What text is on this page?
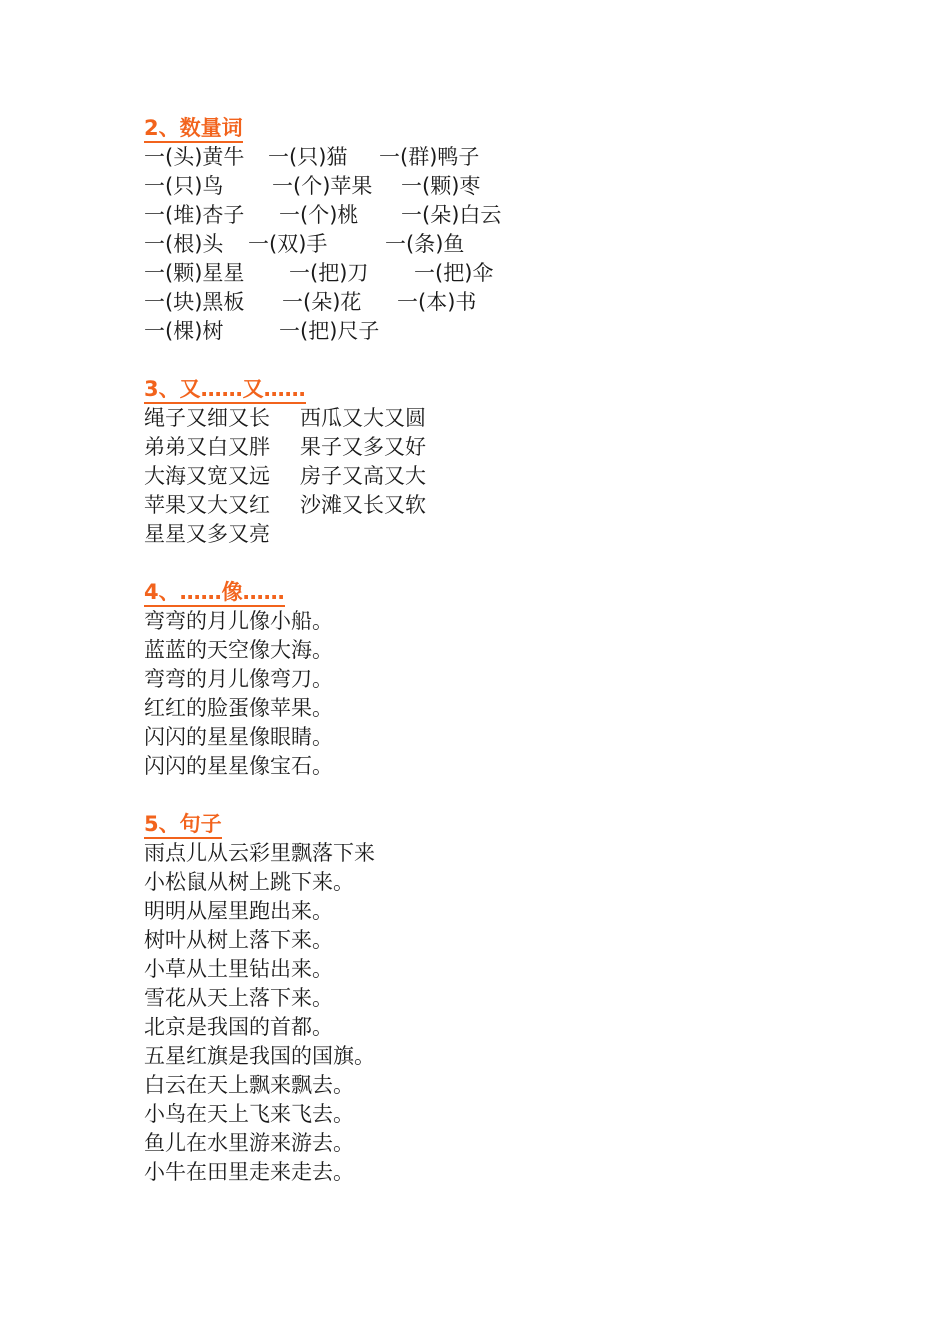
2、数量词
一(头)黄牛 一(只)猫 一(群)鸭子
一(只)鸟 一(个)苹果 一(颗)枣
一(堆)杏子 一(个)桃 一(朵)白云
一(根)头 一(双)手	一(条)鱼
一(颗)星星 一(把)刀 一(把)伞
一(块)黑板 一(朵)花 一(本)书
一(棵)树	一(把)尺子
3、又……又……
绳子又细又长 西瓜又大又圆
弟弟又白又胖 果子又多又好
大海又宽又远 房子又高又大
苹果又大又红 沙滩又长又软
星星又多又亮
4、……像……
弯弯的月儿像小船。
蓝蓝的天空像大海。
弯弯的月儿像弯刀。
红红的脸蛋像苹果。
闪闪的星星像眼睛。
闪闪的星星像宝石。
5、句子
雨点儿从云彩里飘落下来
小松鼠从树上跳下来。
明明从屋里跑出来。
树叶从树上落下来。
小草从土里钻出来。
雪花从天上落下来。
北京是我国的首都。
五星红旗是我国的国旗。
白云在天上飘来飘去。
小鸟在天上飞来飞去。
鱼儿在水里游来游去。
小牛在田里走来走去。
